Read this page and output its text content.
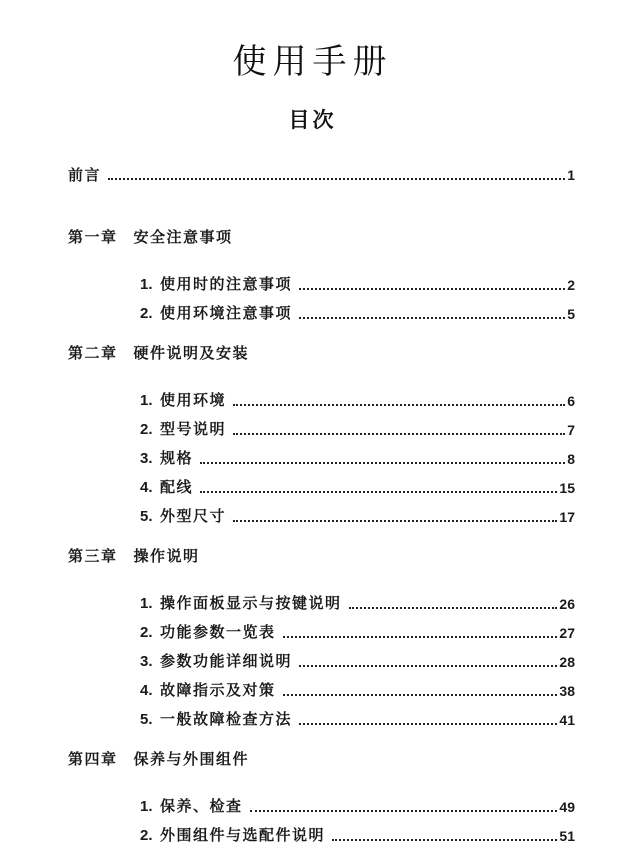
使用手册
目次
前言	1
第一章 安全注意事项
1. 使用时的注意事项	2
2. 使用环境注意事项	5
第二章 硬件说明及安装
1. 使用环境	6
2. 型号说明	7
3. 规格	8
4. 配线	15
5. 外型尺寸	17
第三章 操作说明
1. 操作面板显示与按键说明	26
2. 功能参数一览表	27
3. 参数功能详细说明	28
4. 故障指示及对策	38
5. 一般故障检查方法	41
第四章 保养与外围组件
1. 保养、检查	49
2. 外围组件与选配件说明	51
